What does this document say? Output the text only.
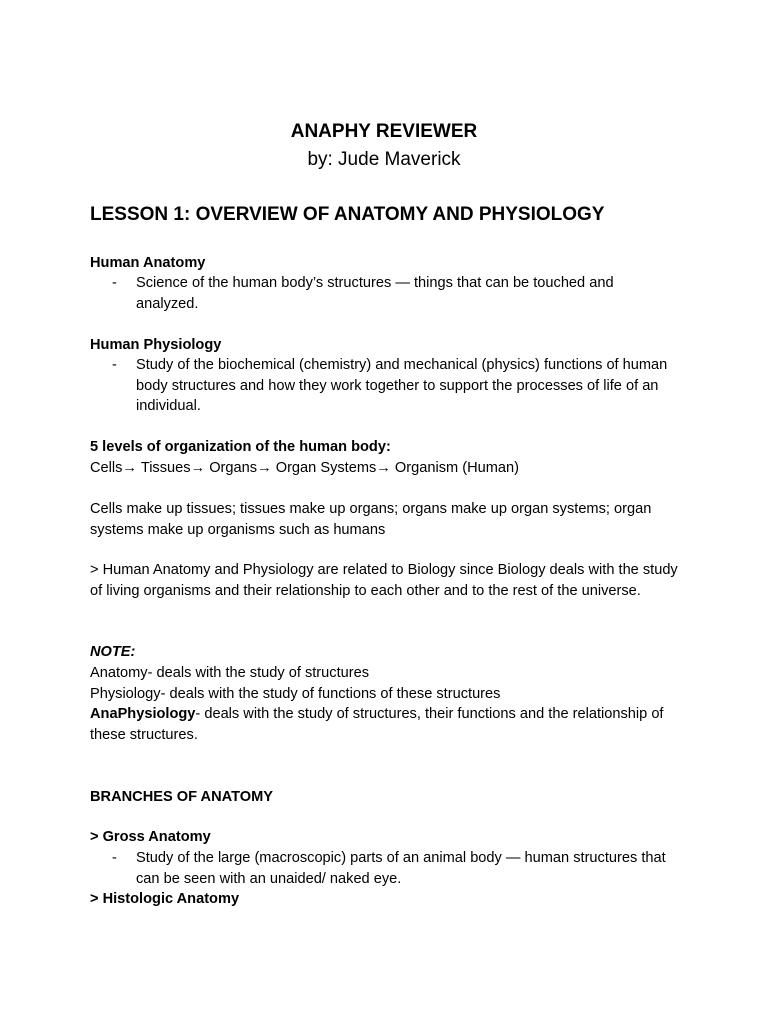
ANAPHY REVIEWER

by: Jude Maverick

LESSON 1: OVERVIEW OF ANATOMY AND PHYSIOLOGY

Human Anatomy

- Science of the human body’s structures — things that can be touched and analyzed.

Human Physiology

- Study of the biochemical (chemistry) and mechanical (physics) functions of human body structures and how they work together to support the processes of life of an individual.

5 levels of organization of the human body:

Cells→ Tissues→ Organs→ Organ Systems→ Organism (Human)

Cells make up tissues; tissues make up organs; organs make up organ systems; organ systems make up organisms such as humans

> Human Anatomy and Physiology are related to Biology since Biology deals with the study of living organisms and their relationship to each other and to the rest of the universe.

NOTE:

Anatomy- deals with the study of structures

Physiology- deals with the study of functions of these structures

AnaPhysiology- deals with the study of structures, their functions and the relationship of these structures.

BRANCHES OF ANATOMY

> Gross Anatomy

- Study of the large (macroscopic) parts of an animal body — human structures that can be seen with an unaided/ naked eye.

> Histologic Anatomy
